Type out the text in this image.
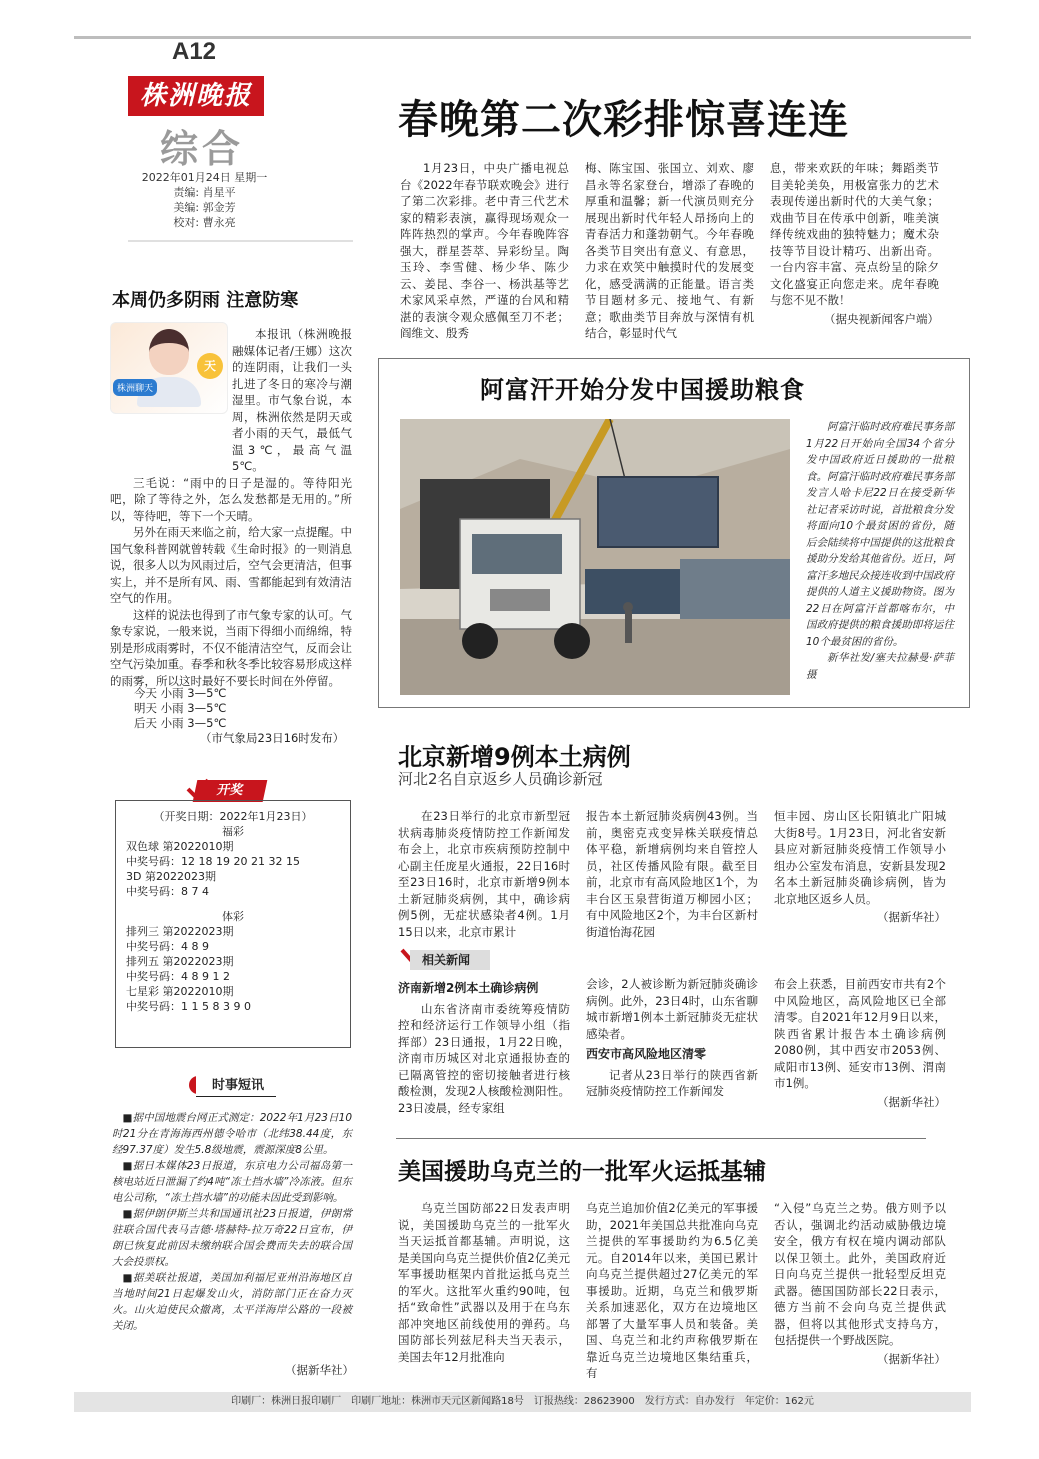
A12
株洲晚报
综合
2022年01月24日 星期一
责编: 肖星平
美编: 郭金芳
校对: 曹永亮
春晚第二次彩排惊喜连连

1月23日，中央广播电视总台《2022年春节联欢晚会》进行了第二次彩排。老中青三代艺术家的精彩表演，赢得现场观众一阵阵热烈的掌声。今年春晚阵容强大，群星荟萃、异彩纷呈。陶玉玲、李雪健、杨少华、陈少云、姜昆、李谷一、杨洪基等艺术家风采卓然，严谨的台风和精湛的表演令观众感佩至刀不老；阎维文、殷秀

梅、陈宝国、张国立、刘欢、廖昌永等名家登台，增添了春晚的厚重和温馨；新一代演员则充分展现出新时代年轻人昂扬向上的青春活力和蓬勃朝气。今年春晚各类节目突出有意义、有意思，力求在欢笑中触摸时代的发展变化，感受满满的正能量。语言类节目题材多元、接地气、有新意；歌曲类节目奔放与深情有机结合，彰显时代气

息，带来欢跃的年味；舞蹈类节目美轮美奂，用极富张力的艺术表现传递出新时代的大美气象；戏曲节目在传承中创新，唯美演绎传统戏曲的独特魅力；魔术杂技等节目设计精巧、出新出奇。一台内容丰富、亮点纷呈的除夕文化盛宴正向您走来。虎年春晚与您不见不散！

（据央视新闻客户端）
本周仍多阴雨 注意防寒

本报讯（株洲晚报融媒体记者/王娜）这次的连阴雨，让我们一头扎进了冬日的寒冷与潮湿里。市气象台说，本周，株洲依然是阴天或者小雨的天气，最低气温3℃，最高气温5℃。

三毛说：“雨中的日子是湿的。等待阳光吧，除了等待之外，怎么发愁都是无用的。”所以，等待吧，等下一个天晴。

另外在雨天来临之前，给大家一点提醒。中国气象科普网就曾转载《生命时报》的一则消息说，很多人以为风雨过后，空气会更清洁，但事实上，并不是所有风、雨、雪都能起到有效清洁空气的作用。

这样的说法也得到了市气象专家的认可。气象专家说，一般来说，当雨下得细小而绵绵，特别是形成雨雾时，不仅不能清洁空气，反而会让空气污染加重。春季和秋冬季比较容易形成这样的雨雾，所以这时最好不要长时间在外停留。

株洲聊天
天
今天 小雨 3—5℃
明天 小雨 3—5℃
后天 小雨 3—5℃
（市气象局23日16时发布）
开奖
（开奖日期：2022年1月23日）
福彩
双色球 第2022010期
中奖号码：12 18 19 20 21 32 15
3D 第2022023期
中奖号码：8 7 4
体彩
排列三 第2022023期
中奖号码：4 8 9
排列五 第2022023期
中奖号码：4 8 9 1 2
七星彩 第2022010期
中奖号码：1 1 5 8 3 9 0
时事短讯

■据中国地震台网正式测定：2022年1月23日10时21分在青海海西州德令哈市（北纬38.44度，东经97.37度）发生5.8级地震，震源深度8公里。

■据日本媒体23日报道，东京电力公司福岛第一核电站近日泄漏了约4吨“冻土挡水墙”冷冻液。但东电公司称，“冻土挡水墙”的功能未因此受到影响。

■据伊朗伊斯兰共和国通讯社23日报道，伊朗常驻联合国代表马吉德·塔赫特-拉万奇22日宣布，伊朗已恢复此前因未缴纳联合国会费而失去的联合国大会投票权。

■据美联社报道，美国加利福尼亚州沿海地区自当地时间21日起爆发山火，消防部门正在奋力灭火。山火迫使民众撤离，太平洋海岸公路的一段被关闭。

（据新华社）
阿富汗开始分发中国援助粮食

阿富汗临时政府难民事务部1月22日开始向全国34个省分发中国政府近日援助的一批粮食。阿富汗临时政府难民事务部发言人哈卡尼22日在接受新华社记者采访时说，首批粮食分发将面向10个最贫困的省份，随后会陆续将中国提供的这批粮食援助分发给其他省份。近日，阿富汗多地民众接连收到中国政府提供的人道主义援助物资。图为22日在阿富汗首都喀布尔，中国政府提供的粮食援助即将运往10个最贫困的省份。

新华社发/塞夫拉赫曼·萨菲 摄

北京新增9例本土病例
河北2名自京返乡人员确诊新冠

在23日举行的北京市新型冠状病毒肺炎疫情防控工作新闻发布会上，北京市疾病预防控制中心副主任庞星火通报，22日16时至23日16时，北京市新增9例本土新冠肺炎病例，其中，确诊病例5例，无症状感染者4例。1月15日以来，北京市累计

报告本土新冠肺炎病例43例。当前，奥密克戎变异株关联疫情总体平稳，新增病例均来自管控人员，社区传播风险有限。截至目前，北京市有高风险地区1个，为丰台区玉泉营街道万柳园小区；有中风险地区2个，为丰台区新村街道怡海花园

恒丰园、房山区长阳镇北广阳城大街8号。1月23日，河北省安新县应对新冠肺炎疫情工作领导小组办公室发布消息，安新县发现2名本土新冠肺炎确诊病例，皆为北京地区返乡人员。

（据新华社）
相关新闻
济南新增2例本土确诊病例

山东省济南市委统筹疫情防控和经济运行工作领导小组（指挥部）23日通报，1月22日晚，济南市历城区对北京通报协查的已隔离管控的密切接触者进行核酸检测，发现2人核酸检测阳性。23日凌晨，经专家组

会诊，2人被诊断为新冠肺炎确诊病例。此外，23日4时，山东省聊城市新增1例本土新冠肺炎无症状感染者。

西安市高风险地区清零

记者从23日举行的陕西省新冠肺炎疫情防控工作新闻发

布会上获悉，目前西安市共有2个中风险地区，高风险地区已全部清零。自2021年12月9日以来，陕西省累计报告本土确诊病例2080例，其中西安市2053例、咸阳市13例、延安市13例、渭南市1例。

（据新华社）
美国援助乌克兰的一批军火运抵基辅

乌克兰国防部22日发表声明说，美国援助乌克兰的一批军火当天运抵首都基辅。声明说，这是美国向乌克兰提供价值2亿美元军事援助框架内首批运抵乌克兰的军火。这批军火重约90吨，包括“致命性”武器以及用于在乌东部冲突地区前线使用的弹药。乌国防部长列兹尼科夫当天表示，美国去年12月批准向

乌克兰追加价值2亿美元的军事援助，2021年美国总共批准向乌克兰提供的军事援助约为6.5亿美元。自2014年以来，美国已累计向乌克兰提供超过27亿美元的军事援助。近期，乌克兰和俄罗斯关系加速恶化，双方在边境地区部署了大量军事人员和装备。美国、乌克兰和北约声称俄罗斯在靠近乌克兰边境地区集结重兵，有

“入侵”乌克兰之势。俄方则予以否认，强调北约活动威胁俄边境安全，俄方有权在境内调动部队以保卫领土。此外，美国政府近日向乌克兰提供一批轻型反坦克武器。德国国防部长22日表示，德方当前不会向乌克兰提供武器，但将以其他形式支持乌方，包括提供一个野战医院。

（据新华社）
印刷厂：株洲日报印刷厂　印刷厂地址：株洲市天元区新闻路18号　订报热线：28623900　发行方式：自办发行　年定价：162元
